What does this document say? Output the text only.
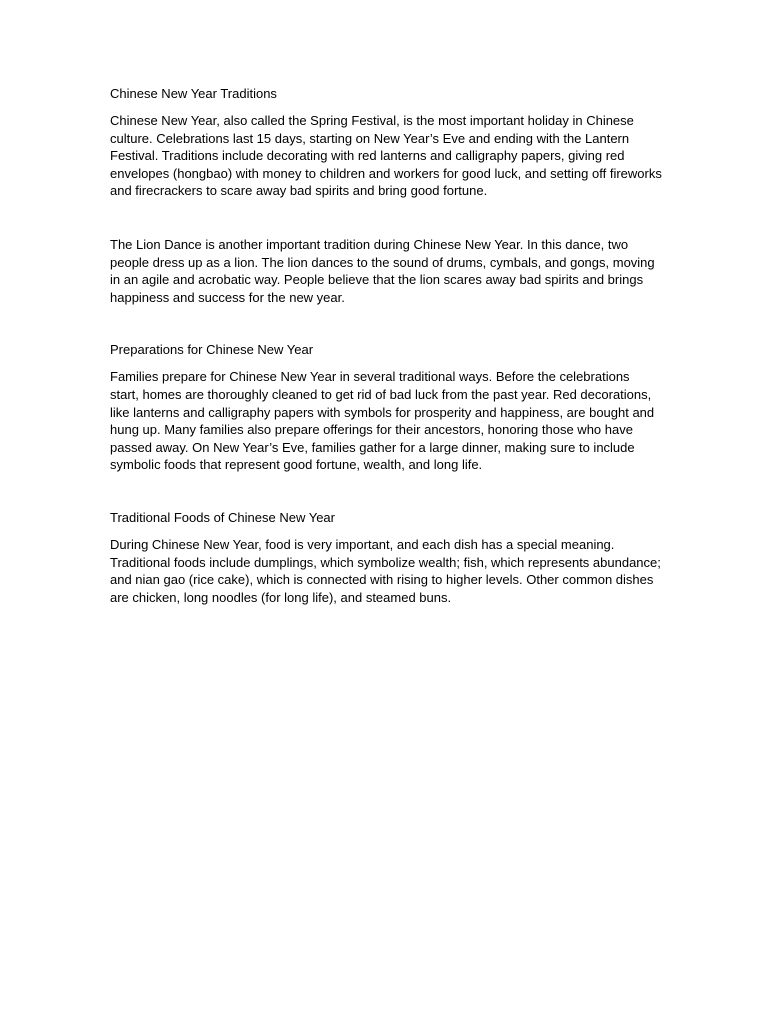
Chinese New Year Traditions

Chinese New Year, also called the Spring Festival, is the most important holiday in Chinese culture. Celebrations last 15 days, starting on New Year’s Eve and ending with the Lantern Festival. Traditions include decorating with red lanterns and calligraphy papers, giving red envelopes (hongbao) with money to children and workers for good luck, and setting off fireworks and firecrackers to scare away bad spirits and bring good fortune.

The Lion Dance is another important tradition during Chinese New Year. In this dance, two people dress up as a lion. The lion dances to the sound of drums, cymbals, and gongs, moving in an agile and acrobatic way. People believe that the lion scares away bad spirits and brings happiness and success for the new year.

Preparations for Chinese New Year

Families prepare for Chinese New Year in several traditional ways. Before the celebrations start, homes are thoroughly cleaned to get rid of bad luck from the past year. Red decorations, like lanterns and calligraphy papers with symbols for prosperity and happiness, are bought and hung up. Many families also prepare offerings for their ancestors, honoring those who have passed away. On New Year’s Eve, families gather for a large dinner, making sure to include symbolic foods that represent good fortune, wealth, and long life.

Traditional Foods of Chinese New Year

During Chinese New Year, food is very important, and each dish has a special meaning. Traditional foods include dumplings, which symbolize wealth; fish, which represents abundance; and nian gao (rice cake), which is connected with rising to higher levels. Other common dishes are chicken, long noodles (for long life), and steamed buns.
